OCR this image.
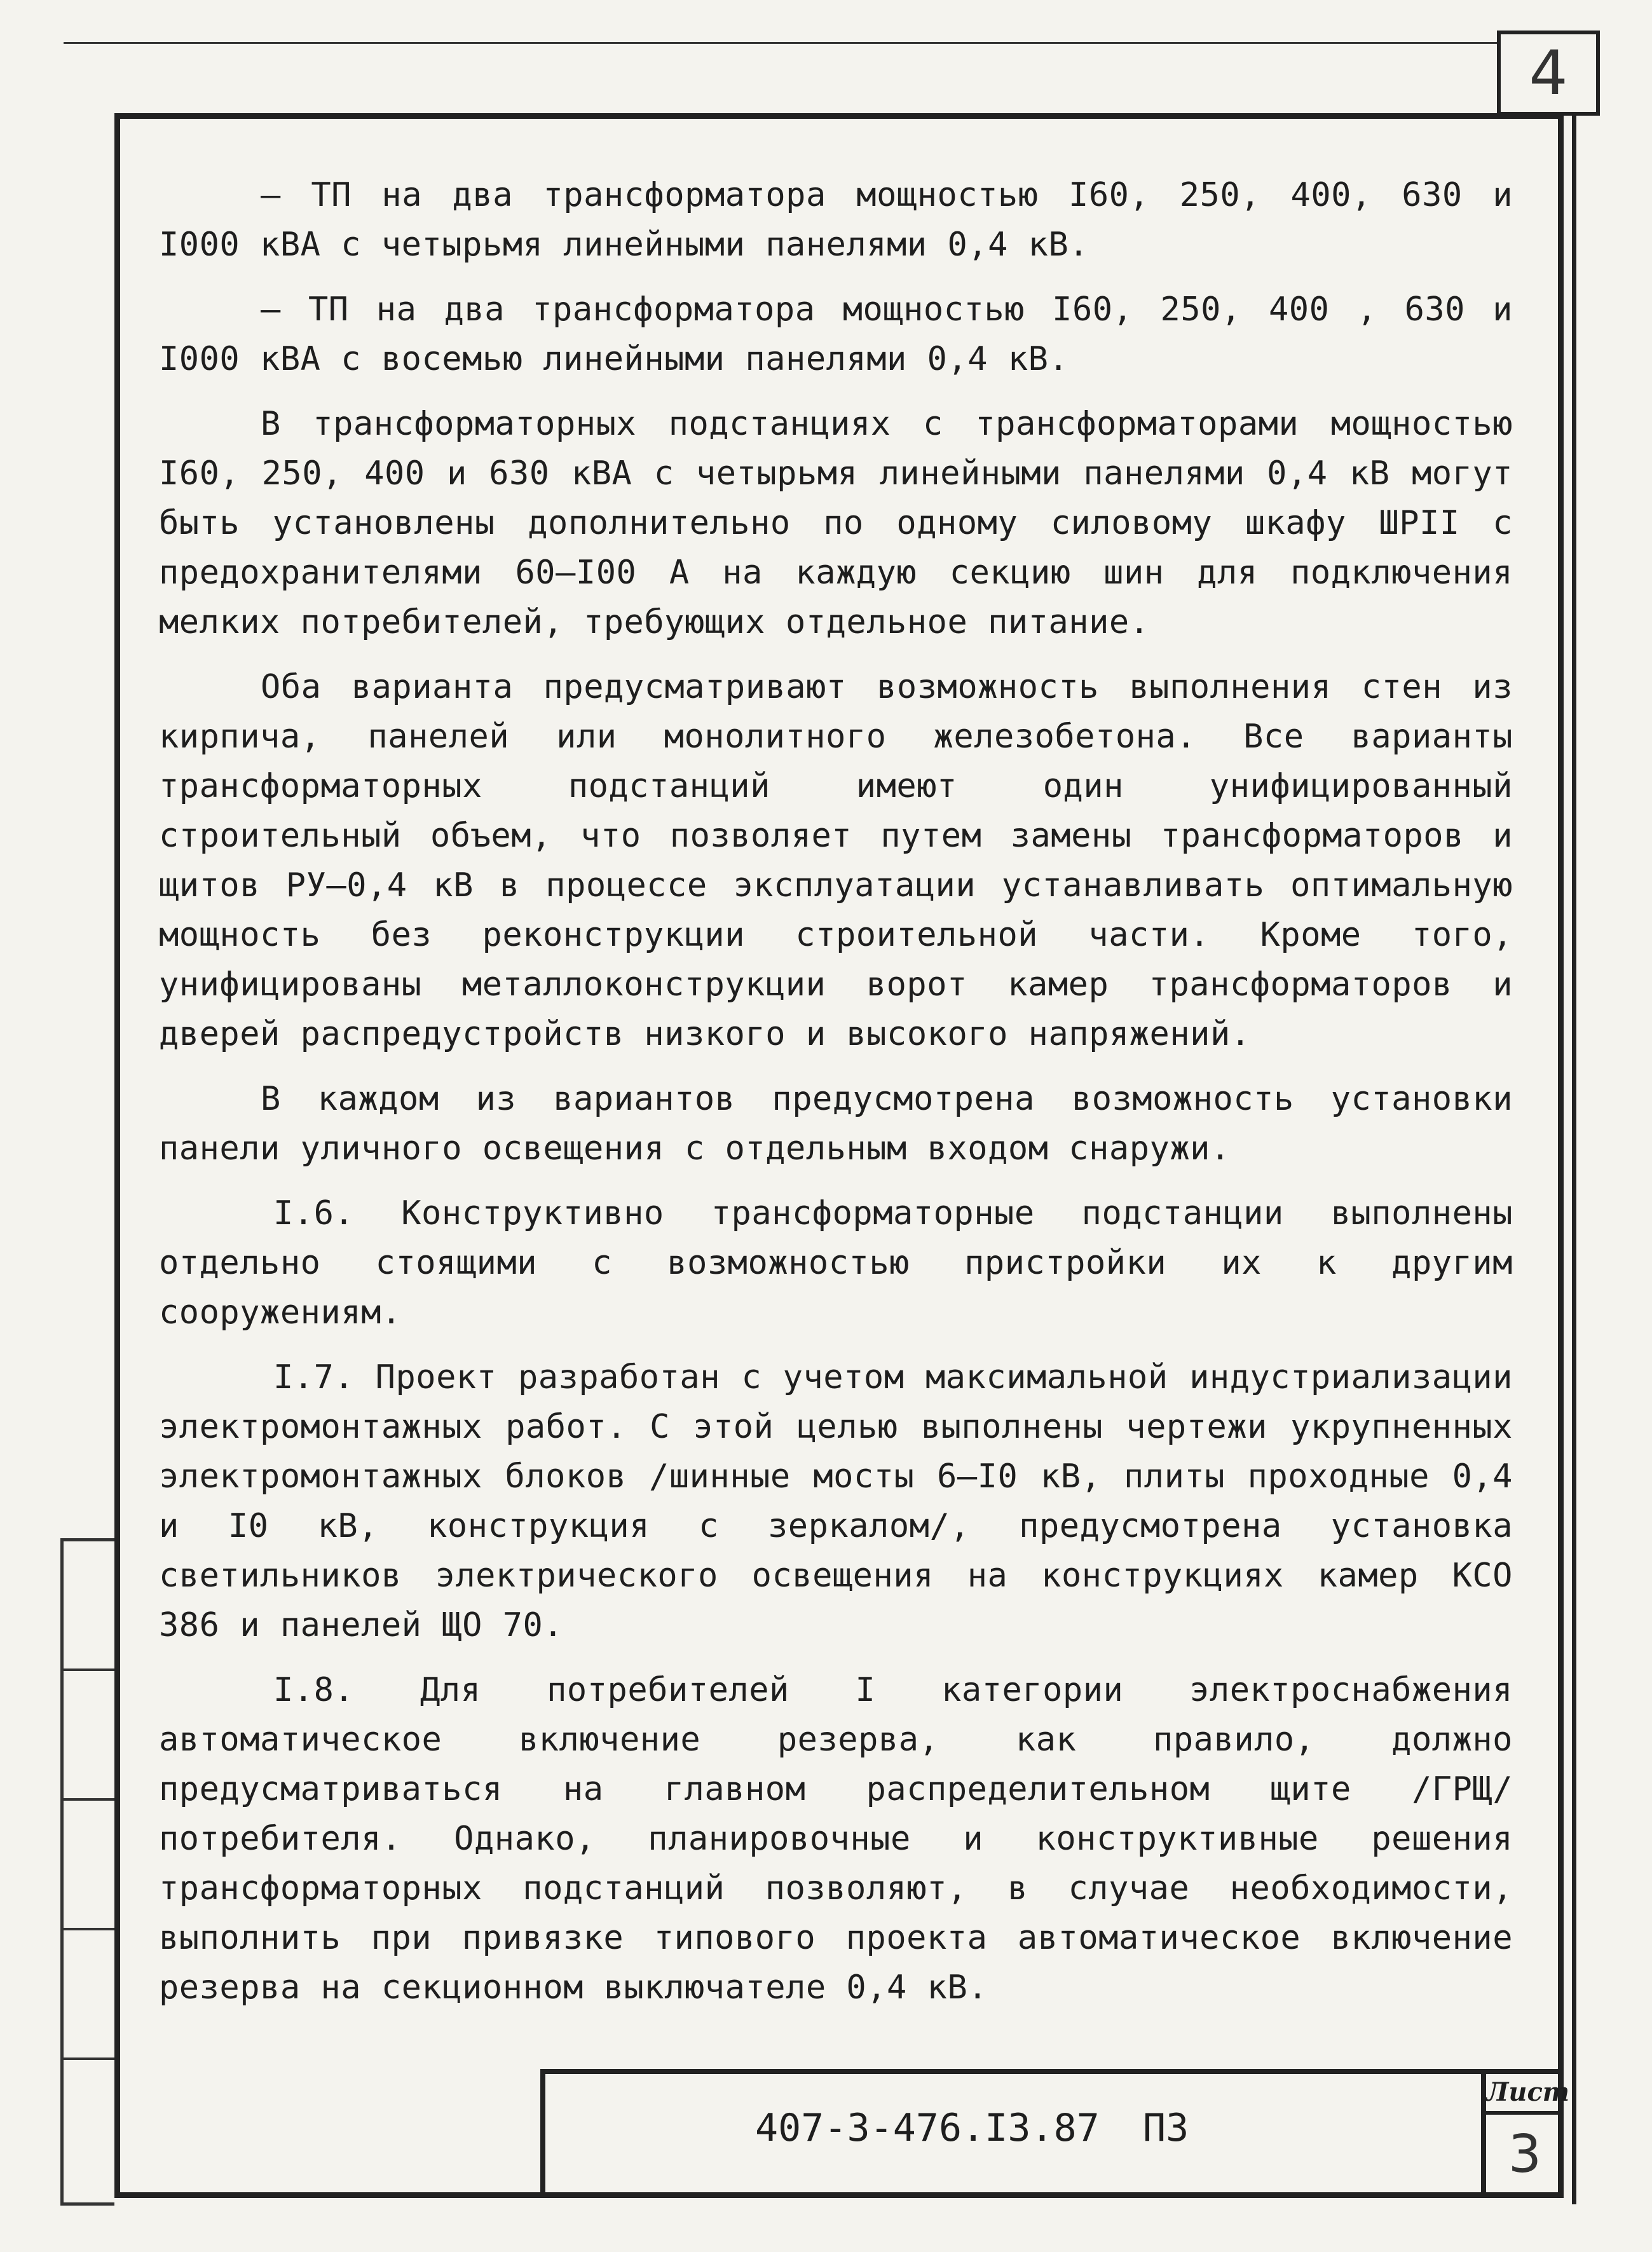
4

– ТП на два трансформатора мощностью I60, 250, 400, 630 и I000 кВА с четырьмя линейными панелями 0,4 кВ.

– ТП на два трансформатора мощностью I60, 250, 400 , 630 и I000 кВА с восемью линейными панелями 0,4 кВ.

В трансформаторных подстанциях с трансформаторами мощностью I60, 250, 400 и 630 кВА с четырьмя линейными панелями 0,4 кВ могут быть установлены дополнительно по одному силовому шкафу ШРII с предохранителями 60–I00 А на каждую секцию шин для подключения мелких потребителей, требующих отдельное питание.

Оба варианта предусматривают возможность выполнения стен из кирпича, панелей или монолитного железобетона. Все варианты трансформаторных подстанций имеют один унифицированный строительный объем, что позволяет путем замены трансформаторов и щитов РУ–0,4 кВ в процессе эксплуатации устанавливать оптимальную мощность без реконструкции строительной части. Кроме того, унифицированы металлоконструкции ворот камер трансформаторов и дверей распредустройств низкого и высокого напряжений.

В каждом из вариантов предусмотрена возможность установки панели уличного освещения с отдельным входом снаружи.

I.6. Конструктивно трансформаторные подстанции выполнены отдельно стоящими с возможностью пристройки их к другим сооружениям.

I.7. Проект разработан с учетом максимальной индустриализации электромонтажных работ. С этой целью выполнены чертежи укрупненных электромонтажных блоков /шинные мосты 6–I0 кВ, плиты проходные 0,4 и I0 кВ, конструкция с зеркалом/, предусмотрена установка светильников электрического освещения на конструкциях камер КСО 386 и панелей ЩО 70.

I.8. Для потребителей I категории электроснабжения автоматическое включение резерва, как правило, должно предусматриваться на главном распределительном щите /ГРЩ/ потребителя. Однако, планировочные и конструктивные решения трансформаторных подстанций позволяют, в случае необходимости, выполнить при привязке типового проекта автоматическое включение резерва на секционном выключателе 0,4 кВ.

407-3-476.I3.87 ПЗ
Лист
3
